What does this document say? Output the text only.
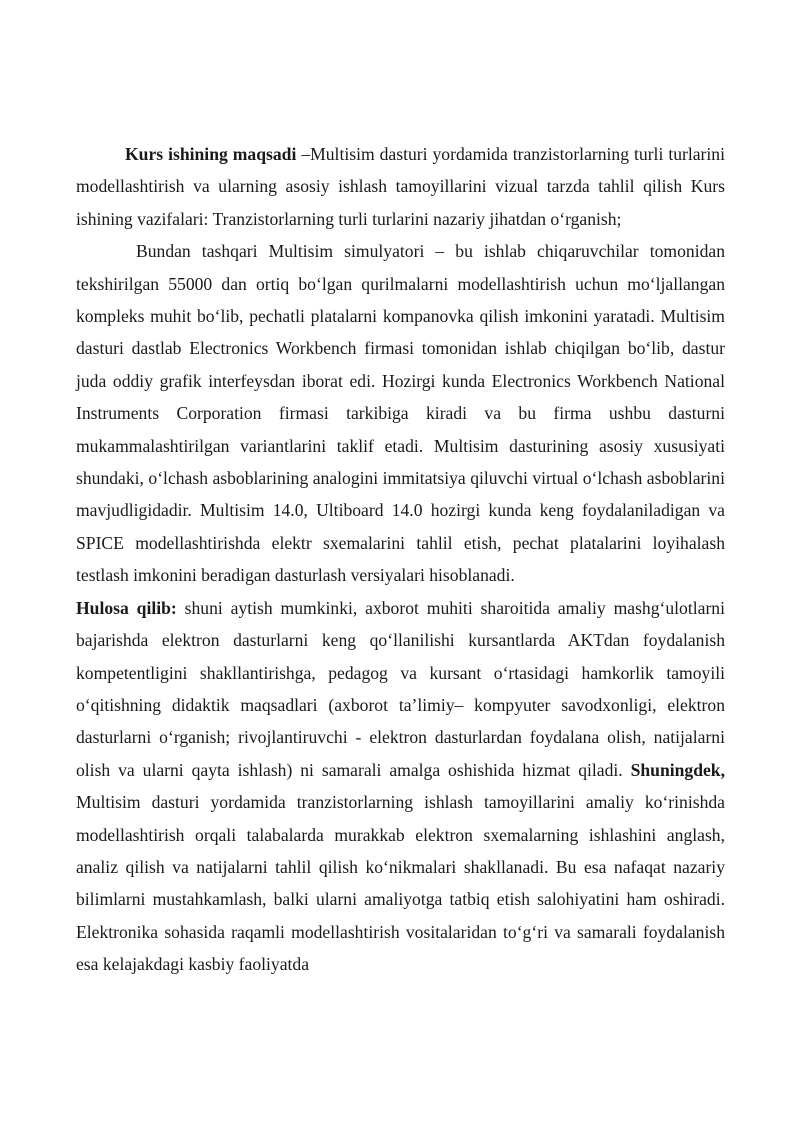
Kurs ishining maqsadi –Multisim dasturi yordamida tranzistorlarning turli turlarini modellashtirish va ularning asosiy ishlash tamoyillarini vizual tarzda tahlil qilish Kurs ishining vazifalari: Tranzistorlarning turli turlarini nazariy jihatdan o‘rganish;

Bundan tashqari Multisim simulyatori – bu ishlab chiqaruvchilar tomonidan tekshirilgan 55000 dan ortiq bo‘lgan qurilmalarni modellashtirish uchun mo‘ljallangan kompleks muhit bo‘lib, pechatli platalarni kompanovka qilish imkonini yaratadi. Multisim dasturi dastlab Electronics Workbench firmasi tomonidan ishlab chiqilgan bo‘lib, dastur juda oddiy grafik interfeysdan iborat edi. Hozirgi kunda Electronics Workbench National Instruments Corporation firmasi tarkibiga kiradi va bu firma ushbu dasturni mukammalashtirilgan variantlarini taklif etadi. Multisim dasturining asosiy xususiyati shundaki, o‘lchash asboblarining analogini immitatsiya qiluvchi virtual o‘lchash asboblarini mavjudligidadir. Multisim 14.0, Ultiboard 14.0 hozirgi kunda keng foydalaniladigan va SPICE modellashtirishda elektr sxemalarini tahlil etish, pechat platalarini loyihalash testlash imkonini beradigan dasturlash versiyalari hisoblanadi.

Hulosa qilib: shuni aytish mumkinki, axborot muhiti sharoitida amaliy mashg‘ulotlarni bajarishda elektron dasturlarni keng qo‘llanilishi kursantlarda AKTdan foydalanish kompetentligini shakllantirishga, pedagog va kursant o‘rtasidagi hamkorlik tamoyili o‘qitishning didaktik maqsadlari (axborot ta’limiy– kompyuter savodxonligi, elektron dasturlarni o‘rganish; rivojlantiruvchi - elektron dasturlardan foydalana olish, natijalarni olish va ularni qayta ishlash) ni samarali amalga oshishida hizmat qiladi. Shuningdek, Multisim dasturi yordamida tranzistorlarning ishlash tamoyillarini amaliy ko‘rinishda modellashtirish orqali talabalarda murakkab elektron sxemalarning ishlashini anglash, analiz qilish va natijalarni tahlil qilish ko‘nikmalari shakllanadi. Bu esa nafaqat nazariy bilimlarni mustahkamlash, balki ularni amaliyotga tatbiq etish salohiyatini ham oshiradi. Elektronika sohasida raqamli modellashtirish vositalaridan to‘g‘ri va samarali foydalanish esa kelajakdagi kasbiy faoliyatda
